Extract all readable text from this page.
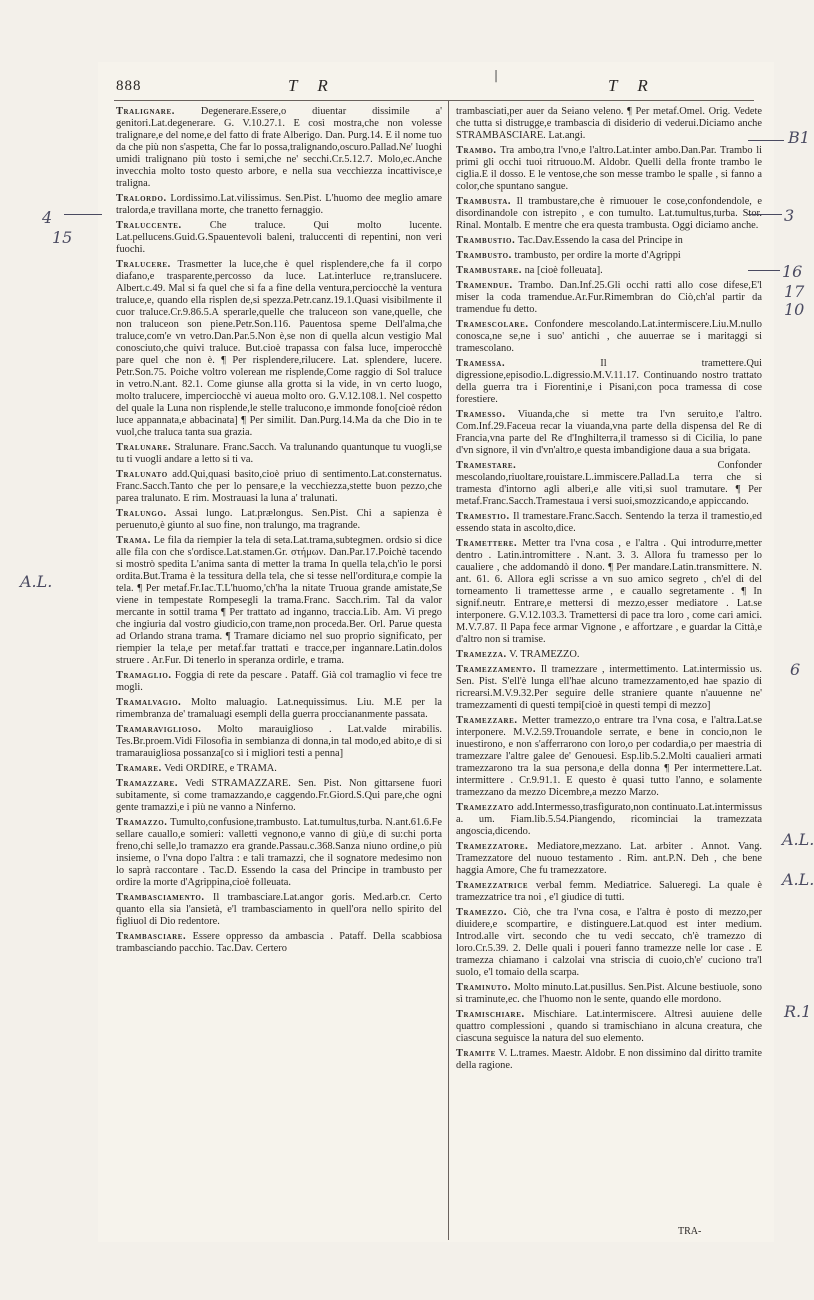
|
888	T R	T R
Tralignare. Degenerare.Essere,o diuentar dissimile a' genitori.Lat.degenerare. G. V.10.27.1. E così mostra,che non volesse tralignare,e del nome,e del fatto di frate Alberigo. Dan. Purg.14. E il nome tuo da che più non s'aspetta, Che far lo possa,tralignando,oscuro.Pallad.Ne' luoghi umidi tralignano più tosto i semi,che ne' secchi.Cr.5.12.7. Molo,ec.Anche invecchia molto tosto questo arbore, e nella sua vecchiezza incattivisce,e traligna.
Tralordo. Lordissimo.Lat.vilissimus. Sen.Pist. L'huomo dee meglio amare tralorda,e travillana morte, che tranetto fernaggio.
Traluccente.	Che traluce. Qui molto lucente. Lat.pellucens.Guid.G.Spauentevoli baleni, traluccenti di repentini, non veri fuochi.
Tralucere. Trasmetter la luce,che è quel risplendere,che fa il corpo diafano,e trasparente,percosso da luce. Lat.interluce re,translucere. Albert.c.49. Mal si fa quel che si fa a fine della ventura,perciocchè la ventura traluce,e, quando ella risplen de,si spezza.Petr.canz.19.1.Quasi visibilmente il cuor traluce.Cr.9.86.5.A sperarle,quelle che traluceon son vane,quelle, che non traluceon son piene.Petr.Son.116. Pauentosa speme Dell'alma,che traluce,com'e vn vetro.Dan.Par.5.Non è,se non di quella alcun vestigio Mal conosciuto,che quivi traluce. But.cioè trapassa con falsa luce, imperocchè pare quel che non è. ¶ Per risplendere,rilucere. Lat. splendere, lucere. Petr.Son.75. Poiche voltro volerean me risplende,Come raggio di Sol traluce in vetro.N.ant. 82.1. Come giunse alla grotta si la vide, in vn certo luogo, molto tralucere, imperciocchè vi aueua molto oro. G.V.12.108.1. Nel cospetto del quale la Luna non risplende,le stelle tralucono,e immonde fono[cioè rédon luce appannata,e abbacinata] ¶ Per similit. Dan.Purg.14.Ma da che Dio in te vuol,che traluca tanta sua grazia.
Tralunare. Stralunare. Franc.Sacch. Va tralunando quantunque tu vuogli,se tu ti vuogli andare a letto si ti va.
Tralunato add.Qui,quasi basito,cioè priuo di sentimento.Lat.consternatus. Franc.Sacch.Tanto che per lo pensare,e la vecchiezza,stette buon pezzo,che parea tralunato. E rim. Mostrauasi la luna a' tralunati.
Tralungo. Assai lungo. Lat.prælongus. Sen.Pist. Chi a sapienza è peruenuto,è giunto al suo fine, non tralungo, ma tragrande.
Trama. Le fila da riempier la tela di seta.Lat.trama,subtegmen. ordsio si dice alle fila con che s'ordisce.Lat.stamen.Gr. στήμων. Dan.Par.17.Poichè tacendo si mostrò spedita L'anima santa di metter la trama In quella tela,ch'io le porsi ordita.But.Trama è la tessitura della tela, che si tesse nell'orditura,e compie la tela. ¶ Per metaf.Fr.Iac.T.L'huomo,'ch'ha la nitate Truoua grande amistate,Se viene in tempestate Rompesegli la trama.Franc. Sacch.rim. Tal da valor mercante in sottil trama ¶ Per trattato ad inganno, traccia.Lib. Am. Vi prego che ingiuria dal vostro giudicio,con trame,non proceda.Ber. Orl. Parue questa ad Orlando strana trama. ¶ Tramare diciamo nel suo proprio significato, per riempier la tela,e per metaf.far trattati e tracce,per ingannare.Latin.dolos struere . Ar.Fur. Di tenerlo in speranza ordirle, e trama.
Tramaglio. Foggia di rete da pescare . Pataff. Già col tramaglio vi fece tre mogli.
Tramalvagio. Molto maluagio. Lat.nequissimus. Liu. M.E per la rimembranza de' tramaluagi esempli della guerra procciananmente passata.
Tramaraviglioso. Molto marauiglioso . Lat.valde mirabilis. Tes.Br.proem.Vidi Filosofia in sembianza di donna,in tal modo,ed abito,e di si tramarauigliosa possanza[co sì i migliori testi a penna]
Tramare. Vedi ORDIRE, e TRAMA.
Tramazzare. Vedi STRAMAZZARE. Sen. Pist. Non gittarsene fuori subitamente, sì come tramazzando,e caggendo.Fr.Giord.S.Qui pare,che ogni gente tramazzi,e i più ne vanno a Ninferno.
Tramazzo. Tumulto,confusione,trambusto. Lat.tumultus,turba. N.ant.61.6.Fe sellare cauallo,e somieri: valletti vegnono,e vanno di giù,e di su:chi porta freno,chi selle,lo tramazzo era grande.Passau.c.368.Sanza niuno ordine,o più insieme, o l'vna dopo l'altra : e tali tramazzi, che il sognatore medesimo non lo saprà raccontare . Tac.D. Essendo la casa del Principe in trambusto per ordire la morte d'Agrippina,cioè folleuata.
Trambasciamento. Il trambasciare.Lat.angor goris. Med.arb.cr. Certo quanto ella sia l'ansietà, e'l trambasciamento in quell'ora nello spirito del figliuol di Dio redentore.
Trambasciare. Essere oppresso da ambascia . Pataff. Della scabbiosa trambasciando pacchio. Tac.Dav. Certero
trambasciati,per auer da Seiano veleno. ¶ Per metaf.Omel. Orig. Vedete che tutta si distrugge,e trambascia di disiderio di vederui.Diciamo anche STRAMBASCIARE. Lat.angi.
Trambo. Tra ambo,tra l'vno,e l'altro.Lat.inter ambo.Dan.Par. Trambo li primi gli occhi tuoi ritruouo.M. Aldobr. Quelli della fronte trambo le ciglia.E il dosso. E le ventose,che son messe trambo le spalle , si fanno a color,che spuntano sangue.
Trambusta. Il trambustare,che è rimuouer le cose,confondendole, e disordinandole con istrepito , e con tumulto. Lat.tumultus,turba. Stor. Rinal. Montalb. E mentre che era questa trambusta. Oggi diciamo anche.
Trambustio. Tac.Dav.Essendo la casa del Principe in
Trambusto. trambusto, per ordire la morte d'Agrippi
Trambustare. na [cioè folleuata].
Tramendue. Trambo. Dan.Inf.25.Gli occhi ratti allo cose difese,E'l miser la coda tramendue.Ar.Fur.Rimembran do Ciò,ch'al partir da tramendue fu detto.
Tramescolare. Confondere mescolando.Lat.intermiscere.Liu.M.nullo conosca,ne se,ne i suo' antichi , che auuerrae se i maritaggi si tramescolano.
Tramessa.	Il tramettere.Qui digressione,episodio.L.digressio.M.V.11.17. Continuando nostro trattato della guerra tra i Fiorentini,e i Pisani,con poca tramessa di cose forestiere.
Tramesso. Viuanda,che si mette tra l'vn seruito,e l'altro. Com.Inf.29.Faceua recar la viuanda,vna parte della dispensa del Re di Francia,vna parte del Re d'Inghilterra,il tramesso si di Cicilia, lo pane d'vn signore, il vin d'vn'altro,e questa imbandigione daua a sua brigata.
Tramestare.	Confonder mescolando,riuoltare,rouistare.L.immiscere.Pallad.La terra che si tramesta d'intorno agli alberi,e alle viti,si suol tramutare. ¶ Per metaf.Franc.Sacch.Tramestaua i versi suoi,smozzicando,e appiccando.
Tramestio. Il tramestare.Franc.Sacch. Sentendo la terza il tramestio,ed essendo stata in ascolto,dice.
Tramettere. Metter tra l'vna cosa , e l'altra . Qui introdurre,metter dentro . Latin.intromittere . N.ant. 3. 3. Allora fu tramesso per lo caualiere , che addomandò il dono. ¶ Per mandare.Latin.transmittere. N. ant. 61. 6. Allora egli scrisse a vn suo amico segreto , ch'el di del torneamento li tramettesse arme , e cauallo segretamente . ¶ In signif.neutr. Entrare,e mettersi di mezzo,esser mediatore . Lat.se interponere. G.V.12.103.3. Tramettersi di pace tra loro , come cari amici. M.V.7.87. Il Papa fece armar Vignone , e affortzare , e guardar la Città,e d'altro non si tramise.
Tramezza. V. TRAMEZZO.
Tramezzamento. Il tramezzare , intermettimento. Lat.intermissio us. Sen. Pist. S'ell'è lunga ell'hae alcuno tramezzamento,ed hae spazio di ricrearsi.M.V.9.32.Per seguire delle straniere quante n'auuenne ne' tramezzamenti di questi tempi[cioè in questi tempi di mezzo]
Tramezzare. Metter tramezzo,o entrare tra l'vna cosa, e l'altra.Lat.se interponere. M.V.2.59.Trouandole serrate, e bene in concio,non le inuestirono, e non s'afferrarono con loro,o per codardia,o per maestria di tramezzare l'altre galee de' Genouesi. Esp.lib.5.2.Molti caualieri armati tramezzarono tra la sua persona,e della donna ¶ Per intermettere.Lat. intermittere . Cr.9.91.1. E questo è quasi tutto l'anno, e solamente tramezzano da mezzo Dicembre,a mezzo Marzo.
Tramezzato add.Intermesso,trasfigurato,non continuato.Lat.intermissus a. um. Fiam.lib.5.54.Piangendo, ricominciai la tramezzata angoscia,dicendo.
Tramezzatore. Mediatore,mezzano. Lat. arbiter . Annot. Vang. Tramezzatore del nuouo testamento . Rim. ant.P.N. Deh , che bene haggia Amore, Che fu tramezzatore.
Tramezzatrice verbal femm. Mediatrice. Salueregi. La quale è tramezzatrice tra noi , e'l giudice di tutti.
Tramezzo. Ciò, che tra l'vna cosa, e l'altra è posto di mezzo,per diuidere,e scompartire, e distinguere.Lat.quod est inter medium. Introd.alle virt. secondo che tu vedi seccato, ch'è tramezzo di loro.Cr.5.39. 2. Delle quali i poueri fanno tramezze nelle lor case . E tramezza chiamano i calzolai vna striscia di cuoio,ch'e' cuciono tra'l suolo, e'l tomaio della scarpa.
Traminuto. Molto minuto.Lat.pusillus. Sen.Pist. Alcune bestiuole, sono sì traminute,ec. che l'huomo non le sente, quando elle mordono.
Tramischiare. Mischiare. Lat.intermiscere. Altresì auuiene delle quattro complessioni , quando si tramischiano in alcuna creatura, che ciascuna seguisce la natura del suo elemento.
Tramite V. L.trames. Maestr. Aldobr. E non dissimino dal diritto tramite della ragione.
TRA-
4
15
B1
3
16
17
10
6
A.L.
A.L.
A.L.
R.1
